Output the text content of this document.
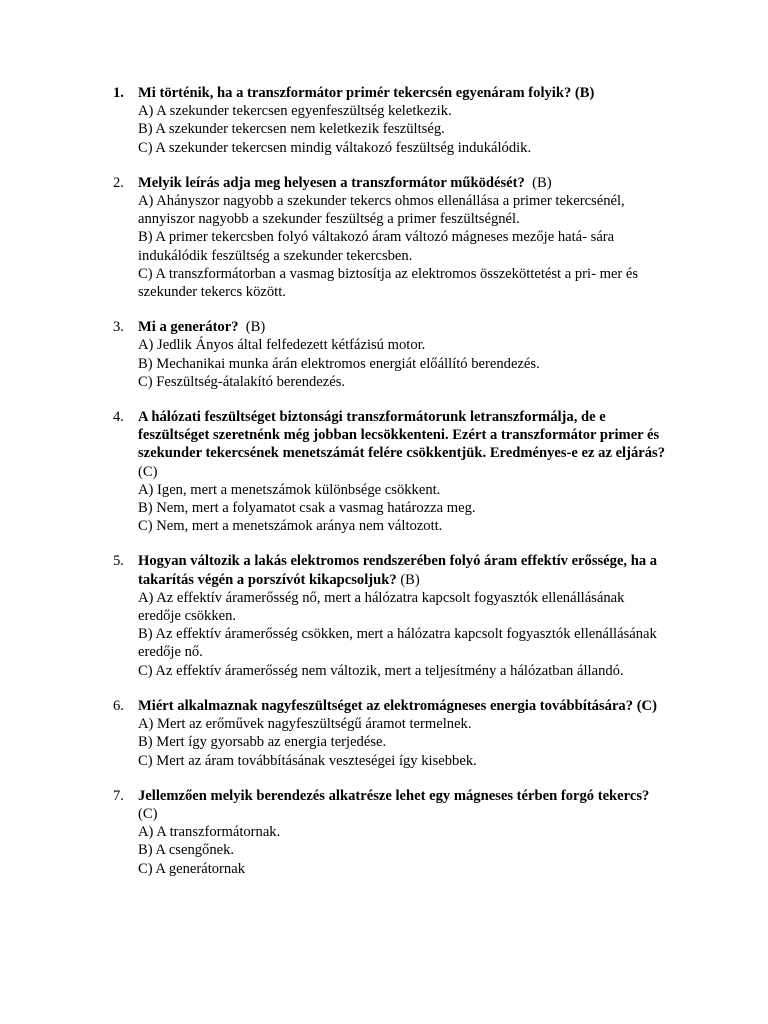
1. Mi történik, ha a transzformátor primér tekercsén egyenáram folyik? (B)
A) A szekunder tekercsen egyenfeszültség keletkezik.
B) A szekunder tekercsen nem keletkezik feszültség.
C) A szekunder tekercsen mindig váltakozó feszültség indukálódik.
2. Melyik leírás adja meg helyesen a transzformátor működését? (B)
A) Ahányszor nagyobb a szekunder tekercs ohmos ellenállása a primer tekercsénél, annyiszor nagyobb a szekunder feszültség a primer feszültségnél.
B) A primer tekercsben folyó váltakozó áram változó mágneses mezője hatá- sára indukálódik feszültség a szekunder tekercsben.
C) A transzformátorban a vasmag biztosítja az elektromos összeköttetést a pri- mer és szekunder tekercs között.
3. Mi a generátor? (B)
A) Jedlik Ányos által felfedezett kétfázisú motor.
B) Mechanikai munka árán elektromos energiát előállító berendezés.
C) Feszültség-átalakító berendezés.
4. A hálózati feszültséget biztonsági transzformátorunk letranszformálja, de e feszültséget szeretnénk még jobban lecsökkenteni. Ezért a transzformátor primer és szekunder tekercsének menetszámát felére csökkentjük. Eredményes-e ez az eljárás? (C)
A) Igen, mert a menetszámok különbsége csökkent.
B) Nem, mert a folyamatot csak a vasmag határozza meg.
C) Nem, mert a menetszámok aránya nem változott.
5. Hogyan változik a lakás elektromos rendszerében folyó áram effektív erőssége, ha a takarítás végén a porszívót kikapcsoljuk? (B)
A) Az effektív áramerősség nő, mert a hálózatra kapcsolt fogyasztók ellenállásának eredője csökken.
B) Az effektív áramerősség csökken, mert a hálózatra kapcsolt fogyasztók ellenállásának eredője nő.
C) Az effektív áramerősség nem változik, mert a teljesítmény a hálózatban állandó.
6. Miért alkalmaznak nagyfeszültséget az elektromágneses energia továbbítására? (C)
A) Mert az erőművek nagyfeszültségű áramot termelnek.
B) Mert így gyorsabb az energia terjedése.
C) Mert az áram továbbításának veszteségei így kisebbek.
7. Jellemzően melyik berendezés alkatrésze lehet egy mágneses térben forgó tekercs? (C)
A) A transzformátornak.
B) A csengőnek.
C) A generátornak
